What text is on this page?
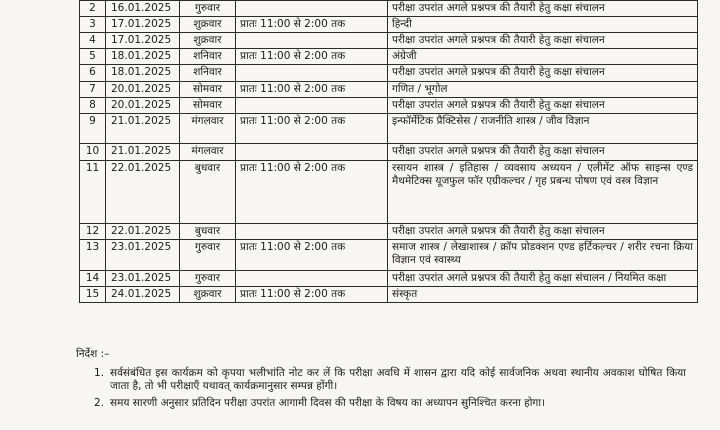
2	16.01.2025	गुरुवार		परीक्षा उपरांत अगले प्रश्नपत्र की तैयारी हेतु कक्षा संचालन
3	17.01.2025	शुक्रवार	प्रातः 11:00 से 2:00 तक	हिन्दी
4	17.01.2025	शुक्रवार		परीक्षा उपरांत अगले प्रश्नपत्र की तैयारी हेतु कक्षा संचालन
5	18.01.2025	शनिवार	प्रातः 11:00 से 2:00 तक	अंग्रेजी
6	18.01.2025	शनिवार		परीक्षा उपरांत अगले प्रश्नपत्र की तैयारी हेतु कक्षा संचालन
7	20.01.2025	सोमवार	प्रातः 11:00 से 2:00 तक	गणित / भूगोल
8	20.01.2025	सोमवार		परीक्षा उपरांत अगले प्रश्नपत्र की तैयारी हेतु कक्षा संचालन
9	21.01.2025	मंगलवार	प्रातः 11:00 से 2:00 तक	इन्फॉर्मेटिक प्रैक्टिसेस / राजनीति शास्त्र / जीव विज्ञान
10	21.01.2025	मंगलवार		परीक्षा उपरांत अगले प्रश्नपत्र की तैयारी हेतु कक्षा संचालन
11	22.01.2025	बुधवार	प्रातः 11:00 से 2:00 तक	रसायन शास्त्र / इतिहास / व्यवसाय अध्ययन / एलीमेंट ऑफ साइन्स एण्ड मैथमेटिक्स यूजफुल फॉर एग्रीकल्चर / गृह प्रबन्ध पोषण एवं वस्त्र विज्ञान
12	22.01.2025	बुधवार		परीक्षा उपरांत अगले प्रश्नपत्र की तैयारी हेतु कक्षा संचालन
13	23.01.2025	गुरुवार	प्रातः 11:00 से 2:00 तक	समाज शास्त्र / लेखाशास्त्र / क्रॉप प्रोडक्शन एण्ड हर्टिकल्चर / शरीर रचना क्रिया विज्ञान एवं स्वास्थ्य
14	23.01.2025	गुरुवार		परीक्षा उपरांत अगले प्रश्नपत्र की तैयारी हेतु कक्षा संचालन / नियमित कक्षा
15	24.01.2025	शुक्रवार	प्रातः 11:00 से 2:00 तक	संस्कृत
निर्देश :–
1. सर्वसंबंधित इस कार्यक्रम को कृपया भलीभांति नोट कर लें कि परीक्षा अवधि में शासन द्वारा यदि कोई सार्वजनिक अथवा स्थानीय अवकाश घोषित किया जाता है, तो भी परीक्षाएँ यथावत् कार्यक्रमानुसार सम्पन्न होंगी।
2. समय सारणी अनुसार प्रतिदिन परीक्षा उपरांत आगामी दिवस की परीक्षा के विषय का अध्यापन सुनिश्चित करना होगा।
